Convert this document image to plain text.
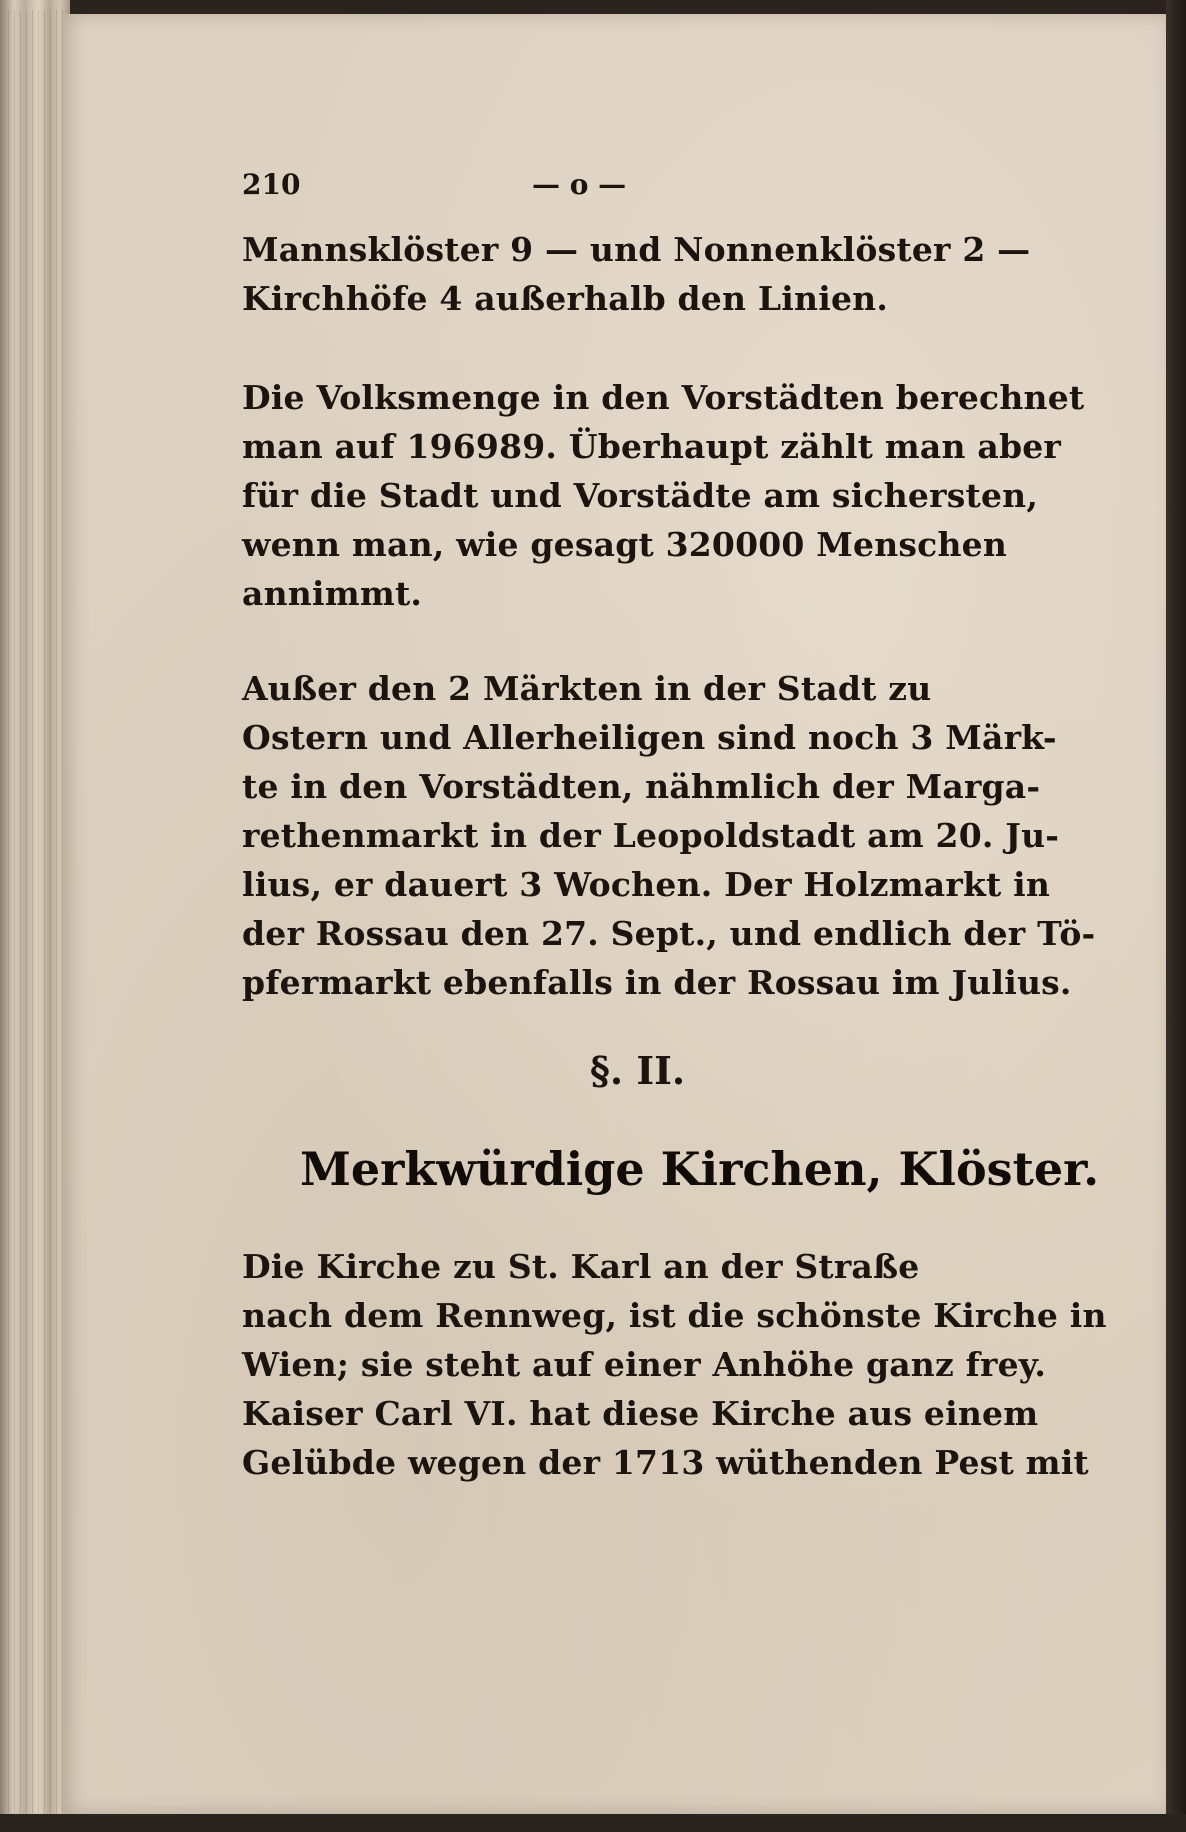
210	— o —
Mannsklöster 9 — und Nonnenklöster 2 —
Kirchhöfe 4 außerhalb den Linien.
Die Volksmenge in den Vorstädten berechnet
man auf 196989. Überhaupt zählt man aber
für die Stadt und Vorstädte am sichersten,
wenn man, wie gesagt 320000 Menschen
annimmt.
Außer den 2 Märkten in der Stadt zu
Ostern und Allerheiligen sind noch 3 Märk-
te in den Vorstädten, nähmlich der Marga-
rethenmarkt in der Leopoldstadt am 20. Ju-
lius, er dauert 3 Wochen. Der Holzmarkt in
der Rossau den 27. Sept., und endlich der Tö-
pfermarkt ebenfalls in der Rossau im Julius.
§. II.
Merkwürdige Kirchen, Klöster.
Die Kirche zu St. Karl an der Straße
nach dem Rennweg, ist die schönste Kirche in
Wien; sie steht auf einer Anhöhe ganz frey.
Kaiser Carl VI. hat diese Kirche aus einem
Gelübde wegen der 1713 wüthenden Pest mit
